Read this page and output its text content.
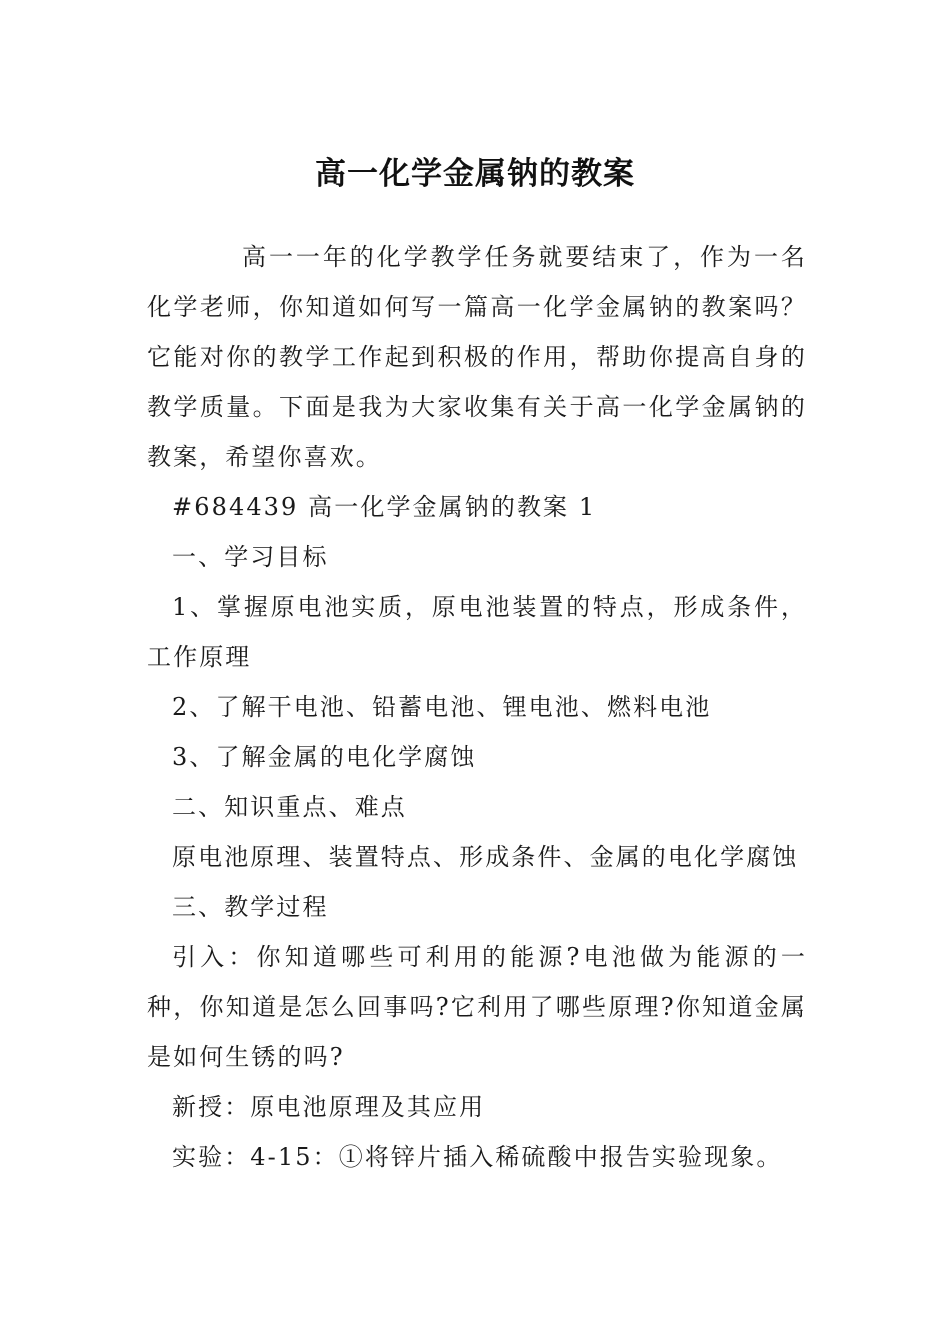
高一化学金属钠的教案

高一一年的化学教学任务就要结束了，作为一名化学老师，你知道如何写一篇高一化学金属钠的教案吗？它能对你的教学工作起到积极的作用，帮助你提高自身的教学质量。下面是我为大家收集有关于高一化学金属钠的教案，希望你喜欢。

#684439 高一化学金属钠的教案 1

一、学习目标

1、掌握原电池实质，原电池装置的特点，形成条件，工作原理

2、了解干电池、铅蓄电池、锂电池、燃料电池

3、了解金属的电化学腐蚀

二、知识重点、难点

原电池原理、装置特点、形成条件、金属的电化学腐蚀

三、教学过程

引入：你知道哪些可利用的能源?电池做为能源的一种，你知道是怎么回事吗?它利用了哪些原理?你知道金属是如何生锈的吗?

新授：原电池原理及其应用

实验：4-15：①将锌片插入稀硫酸中报告实验现象。
